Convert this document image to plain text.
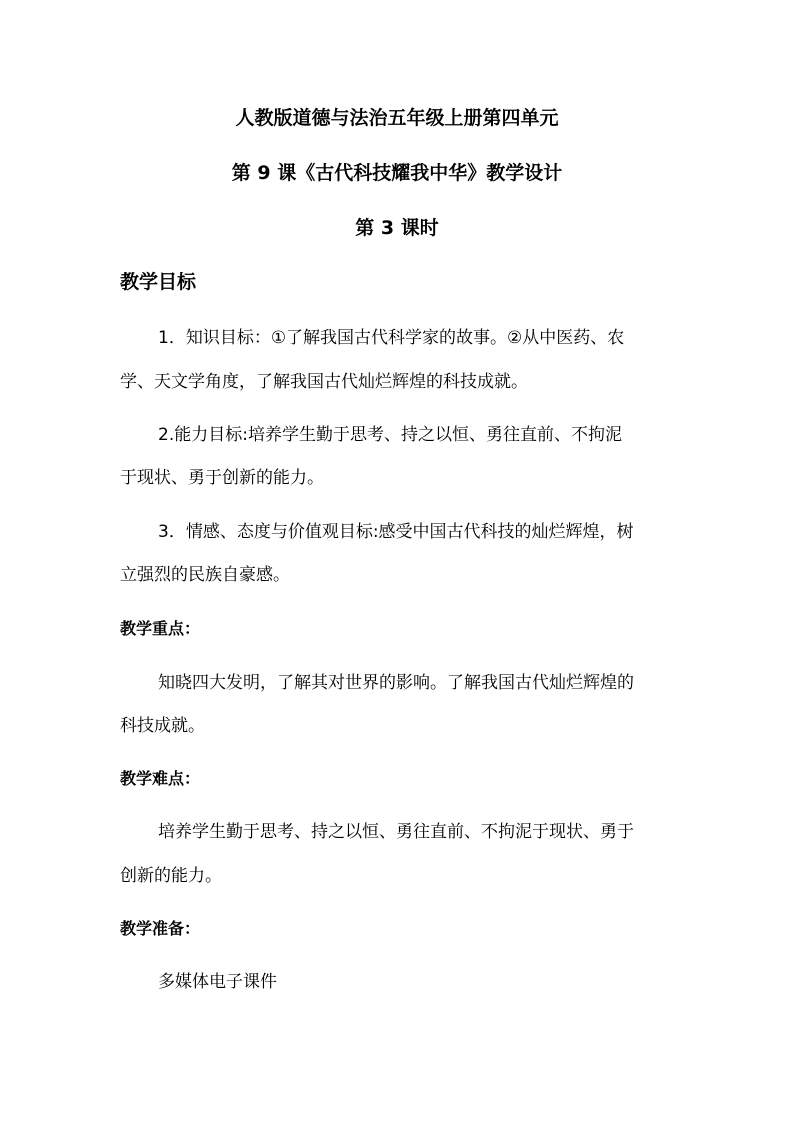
人教版道德与法治五年级上册第四单元
第 9 课《古代科技耀我中华》教学设计
第 3 课时
教学目标
1．知识目标：①了解我国古代科学家的故事。②从中医药、农
学、天文学角度，了解我国古代灿烂辉煌的科技成就。
2.能力目标:培养学生勤于思考、持之以恒、勇往直前、不拘泥
于现状、勇于创新的能力。
3．情感、态度与价值观目标:感受中国古代科技的灿烂辉煌，树
立强烈的民族自豪感。
教学重点：
知晓四大发明，了解其对世界的影响。了解我国古代灿烂辉煌的
科技成就。
教学难点：
培养学生勤于思考、持之以恒、勇往直前、不拘泥于现状、勇于
创新的能力。
教学准备：
多媒体电子课件
